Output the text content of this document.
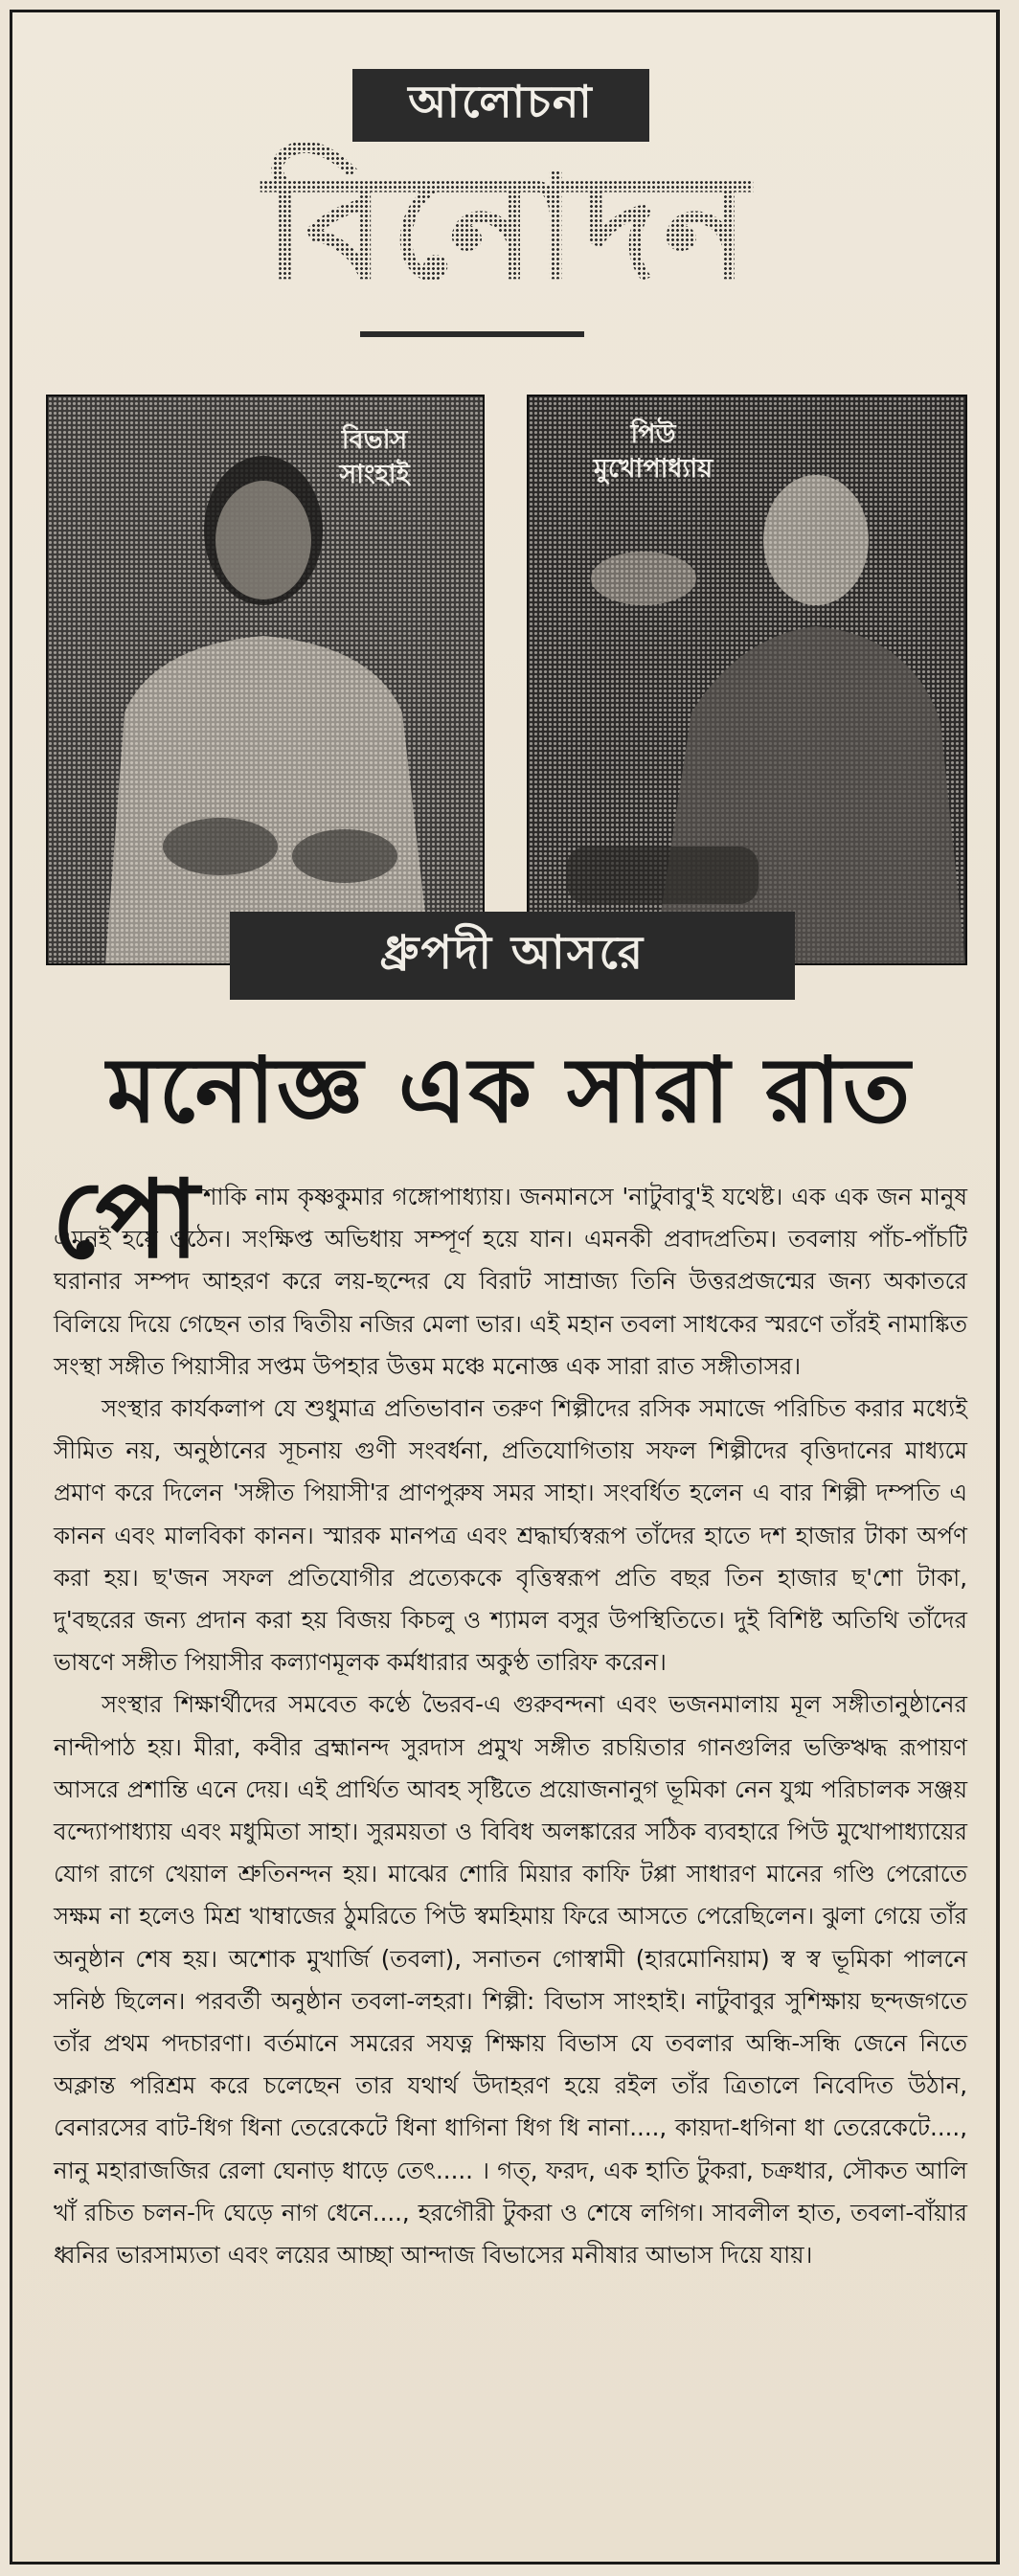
আলোচনা
বিনোদন
বিভাস
সাংহাই
পিউ
মুখোপাধ্যায়
ধ্রুপদী আসরে
মনোজ্ঞ এক সারা রাত
পো শাকি নাম কৃষ্ণকুমার গঙ্গোপাধ্যায়। জনমানসে 'নাটুবাবু'ই যথেষ্ট। এক এক জন মানুষ এমনই হয়ে ওঠেন। সংক্ষিপ্ত অভিধায় সম্পূর্ণ হয়ে যান। এমনকী প্রবাদপ্রতিম। তবলায় পাঁচ-পাঁচটি ঘরানার সম্পদ আহরণ করে লয়-ছন্দের যে বিরাট সাম্রাজ্য তিনি উত্তরপ্রজন্মের জন্য অকাতরে বিলিয়ে দিয়ে গেছেন তার দ্বিতীয় নজির মেলা ভার। এই মহান তবলা সাধকের স্মরণে তাঁরই নামাঙ্কিত সংস্থা সঙ্গীত পিয়াসীর সপ্তম উপহার উত্তম মঞ্চে মনোজ্ঞ এক সারা রাত সঙ্গীতাসর।

সংস্থার কার্যকলাপ যে শুধুমাত্র প্রতিভাবান তরুণ শিল্পীদের রসিক সমাজে পরিচিত করার মধ্যেই সীমিত নয়, অনুষ্ঠানের সূচনায় গুণী সংবর্ধনা, প্রতিযোগিতায় সফল শিল্পীদের বৃত্তিদানের মাধ্যমে প্রমাণ করে দিলেন 'সঙ্গীত পিয়াসী'র প্রাণপুরুষ সমর সাহা। সংবর্ধিত হলেন এ বার শিল্পী দম্পতি এ কানন এবং মালবিকা কানন। স্মারক মানপত্র এবং শ্রদ্ধার্ঘ্যস্বরূপ তাঁদের হাতে দশ হাজার টাকা অর্পণ করা হয়। ছ'জন সফল প্রতিযোগীর প্রত্যেককে বৃত্তিস্বরূপ প্রতি বছর তিন হাজার ছ'শো টাকা, দু'বছরের জন্য প্রদান করা হয় বিজয় কিচলু ও শ্যামল বসুর উপস্থিতিতে। দুই বিশিষ্ট অতিথি তাঁদের ভাষণে সঙ্গীত পিয়াসীর কল্যাণমূলক কর্মধারার অকুণ্ঠ তারিফ করেন।

সংস্থার শিক্ষার্থীদের সমবেত কণ্ঠে ভৈরব-এ গুরুবন্দনা এবং ভজনমালায় মূল সঙ্গীতানুষ্ঠানের নান্দীপাঠ হয়। মীরা, কবীর ব্রহ্মানন্দ সুরদাস প্রমুখ সঙ্গীত রচয়িতার গানগুলির ভক্তিঋদ্ধ রূপায়ণ আসরে প্রশান্তি এনে দেয়। এই প্রার্থিত আবহ সৃষ্টিতে প্রয়োজনানুগ ভূমিকা নেন যুগ্ম পরিচালক সঞ্জয় বন্দ্যোপাধ্যায় এবং মধুমিতা সাহা। সুরময়তা ও বিবিধ অলঙ্কারের সঠিক ব্যবহারে পিউ মুখোপাধ্যায়ের যোগ রাগে খেয়াল শ্রুতিনন্দন হয়। মাঝের শোরি মিয়ার কাফি টপ্পা সাধারণ মানের গণ্ডি পেরোতে সক্ষম না হলেও মিশ্র খাম্বাজের ঠুমরিতে পিউ স্বমহিমায় ফিরে আসতে পেরেছিলেন। ঝুলা গেয়ে তাঁর অনুষ্ঠান শেষ হয়। অশোক মুখার্জি (তবলা), সনাতন গোস্বামী (হারমোনিয়াম) স্ব স্ব ভূমিকা পালনে সনিষ্ঠ ছিলেন। পরবর্তী অনুষ্ঠান তবলা-লহরা। শিল্পী: বিভাস সাংহাই। নাটুবাবুর সুশিক্ষায় ছন্দজগতে তাঁর প্রথম পদচারণা। বর্তমানে সমরের সযত্ন শিক্ষায় বিভাস যে তবলার অন্ধি-সন্ধি জেনে নিতে অক্লান্ত পরিশ্রম করে চলেছেন তার যথার্থ উদাহরণ হয়ে রইল তাঁর ত্রিতালে নিবেদিত উঠান, বেনারসের বাট-ধিগ ধিনা তেরেকেটে ধিনা ধাগিনা ধিগ ধি নানা...., কায়দা-ধগিনা ধা তেরেকেটে...., নানু মহারাজজির রেলা ঘেনাড় ধাড়ে তেৎ..... । গত্, ফরদ, এক হাতি টুকরা, চক্রধার, সৌকত আলি খাঁ রচিত চলন-দি ঘেড়ে নাগ ধেনে...., হরগৌরী টুকরা ও শেষে লগিগ। সাবলীল হাত, তবলা-বাঁয়ার ধ্বনির ভারসাম্যতা এবং লয়ের আচ্ছা আন্দাজ বিভাসের মনীষার আভাস দিয়ে যায়।
